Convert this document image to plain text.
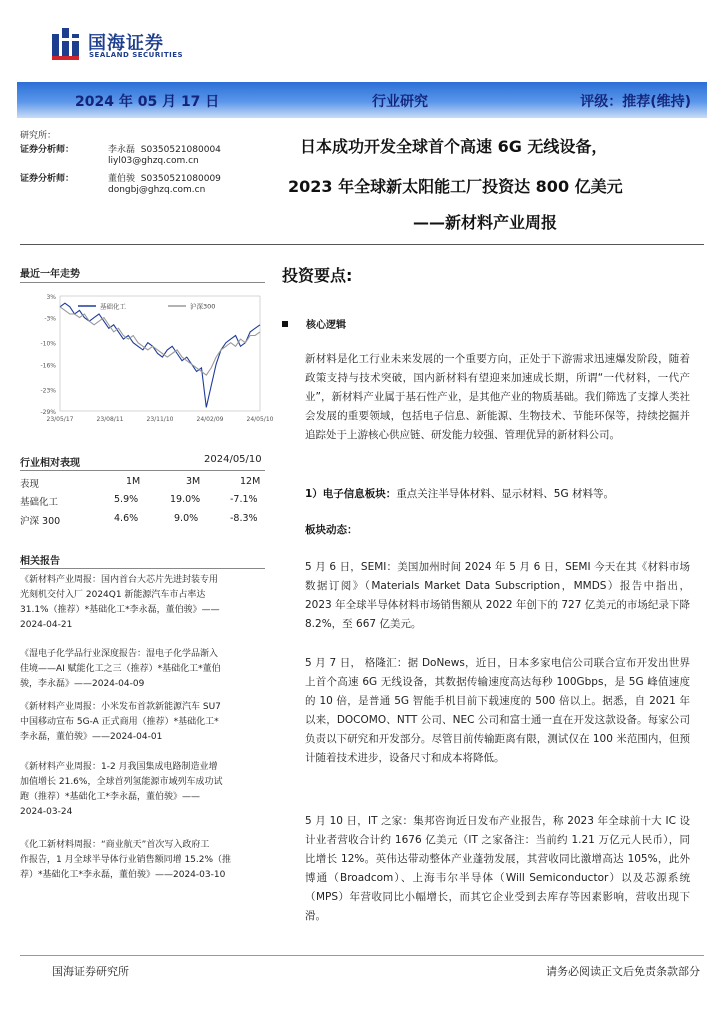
国海证券
SEALAND SECURITIES
2024 年 05 月 17 日	行业研究	评级：推荐(维持)
研究所：
证券分析师：	李永磊 S0350521080004
liyl03@ghzq.com.cn
证券分析师：	董伯骏 S0350521080009
dongbj@ghzq.com.cn
日本成功开发全球首个高速 6G 无线设备，
2023 年全球新太阳能工厂投资达 800 亿美元
——新材料产业周报
最近一年走势
3%
-3%
-10%
-16%
-23%
-29%
23/05/17	23/08/11	23/11/10	24/02/09	24/05/10
基础化工	沪深300
行业相对表现	2024/05/10
表现	1M	3M	12M
基础化工	5.9%	19.0%	-7.1%
沪深 300	4.6%	9.0%	-8.3%
相关报告
《新材料产业周报：国内首台大芯片先进封装专用
光刻机交付入厂 2024Q1 新能源汽车市占率达
31.1%（推荐）*基础化工*李永磊，董伯骏》——
2024-04-21
《湿电子化学品行业深度报告：湿电子化学品渐入
佳境——AI 赋能化工之三（推荐）*基础化工*董伯
骏，李永磊》——2024-04-09
《新材料产业周报：小米发布首款新能源汽车 SU7
中国移动宣布 5G-A 正式商用（推荐）*基础化工*
李永磊，董伯骏》——2024-04-01
《新材料产业周报：1-2 月我国集成电路制造业增
加值增长 21.6%，全球首列氢能源市域列车成功试
跑（推荐）*基础化工*李永磊，董伯骏》——
2024-03-24
《化工新材料周报：“商业航天”首次写入政府工
作报告，1 月全球半导体行业销售额同增 15.2%（推
荐）*基础化工*李永磊，董伯骏》——2024-03-10
投资要点:
核心逻辑
新材料是化工行业未来发展的一个重要方向，正处于下游需求迅速爆发阶段，随着政策支持与技术突破，国内新材料有望迎来加速成长期，所谓“一代材料，一代产业”，新材料产业属于基石性产业，是其他产业的物质基础。我们筛选了支撑人类社会发展的重要领域，包括电子信息、新能源、生物技术、节能环保等，持续挖掘并追踪处于上游核心供应链、研发能力较强、管理优异的新材料公司。
1）电子信息板块：重点关注半导体材料、显示材料、5G 材料等。
板块动态：
5 月 6 日，SEMI：美国加州时间 2024 年 5 月 6 日，SEMI 今天在其《材料市场数据订阅》（Materials Market Data Subscription，MMDS）报告中指出，2023 年全球半导体材料市场销售额从 2022 年创下的 727 亿美元的市场纪录下降 8.2%，至 667 亿美元。
5 月 7 日， 格隆汇：据 DoNews，近日，日本多家电信公司联合宣布开发出世界上首个高速 6G 无线设备，其数据传输速度高达每秒 100Gbps，是 5G 峰值速度的 10 倍，是普通 5G 智能手机目前下载速度的 500 倍以上。据悉，自 2021 年以来，DOCOMO、NTT 公司、NEC 公司和富士通一直在开发这款设备。每家公司负责以下研究和开发部分。尽管目前传输距离有限，测试仅在 100 米范围内，但预计随着技术进步，设备尺寸和成本将降低。
5 月 10 日，IT 之家：集邦咨询近日发布产业报告，称 2023 年全球前十大 IC 设计业者营收合计约 1676 亿美元（IT 之家备注：当前约 1.21 万亿元人民币），同比增长 12%。英伟达带动整体产业蓬勃发展，其营收同比激增高达 105%，此外博通（Broadcom）、上海韦尔半导体（Will Semiconductor）以及芯源系统（MPS）年营收同比小幅增长，而其它企业受到去库存等因素影响，营收出现下滑。
国海证券研究所	请务必阅读正文后免责条款部分
